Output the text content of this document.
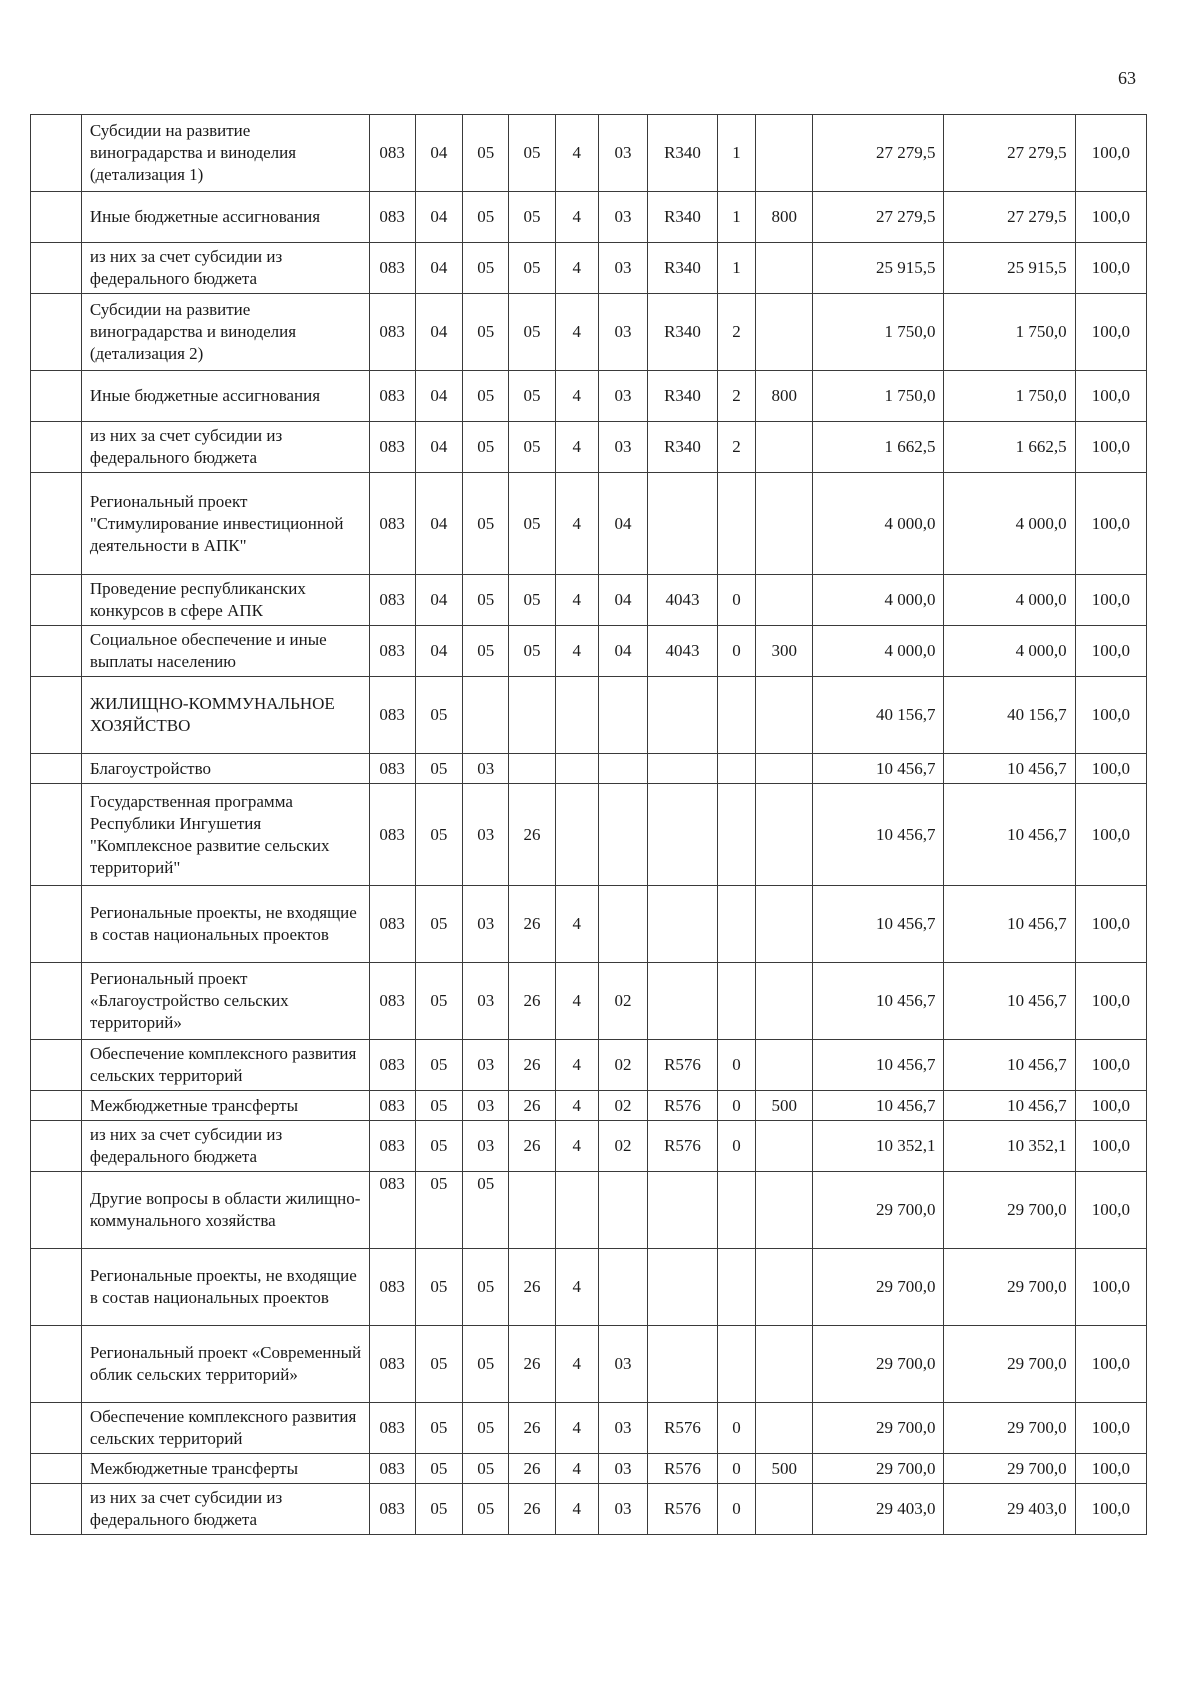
63
	Субсидии на развитие виноградарства и виноделия (детализация 1)	083	04	05	05	4	03	R340	1		27 279,5	27 279,5	100,0
	Иные бюджетные ассигнования	083	04	05	05	4	03	R340	1	800	27 279,5	27 279,5	100,0
	из них за счет субсидии из федерального бюджета	083	04	05	05	4	03	R340	1		25 915,5	25 915,5	100,0
	Субсидии на развитие виноградарства и виноделия (детализация 2)	083	04	05	05	4	03	R340	2		1 750,0	1 750,0	100,0
	Иные бюджетные ассигнования	083	04	05	05	4	03	R340	2	800	1 750,0	1 750,0	100,0
	из них за счет субсидии из федерального бюджета	083	04	05	05	4	03	R340	2		1 662,5	1 662,5	100,0
	Региональный проект "Стимулирование инвестиционной деятельности в АПК"	083	04	05	05	4	04				4 000,0	4 000,0	100,0
	Проведение республиканских конкурсов в сфере АПК	083	04	05	05	4	04	4043	0		4 000,0	4 000,0	100,0
	Социальное обеспечение и иные выплаты населению	083	04	05	05	4	04	4043	0	300	4 000,0	4 000,0	100,0
	ЖИЛИЩНО-КОММУНАЛЬНОЕ ХОЗЯЙСТВО	083	05								40 156,7	40 156,7	100,0
	Благоустройство	083	05	03							10 456,7	10 456,7	100,0
	Государственная программа Республики Ингушетия "Комплексное развитие сельских территорий"	083	05	03	26						10 456,7	10 456,7	100,0
	Региональные проекты, не входящие в состав национальных проектов	083	05	03	26	4					10 456,7	10 456,7	100,0
	Региональный проект «Благоустройство сельских территорий»	083	05	03	26	4	02				10 456,7	10 456,7	100,0
	Обеспечение комплексного развития сельских территорий	083	05	03	26	4	02	R576	0		10 456,7	10 456,7	100,0
	Межбюджетные трансферты	083	05	03	26	4	02	R576	0	500	10 456,7	10 456,7	100,0
	из них за счет субсидии из федерального бюджета	083	05	03	26	4	02	R576	0		10 352,1	10 352,1	100,0
	Другие вопросы в области жилищно-коммунального хозяйства	083	05	05							29 700,0	29 700,0	100,0
	Региональные проекты, не входящие в состав национальных проектов	083	05	05	26	4					29 700,0	29 700,0	100,0
	Региональный проект «Современный облик сельских территорий»	083	05	05	26	4	03				29 700,0	29 700,0	100,0
	Обеспечение комплексного развития сельских территорий	083	05	05	26	4	03	R576	0		29 700,0	29 700,0	100,0
	Межбюджетные трансферты	083	05	05	26	4	03	R576	0	500	29 700,0	29 700,0	100,0
	из них за счет субсидии из федерального бюджета	083	05	05	26	4	03	R576	0		29 403,0	29 403,0	100,0
